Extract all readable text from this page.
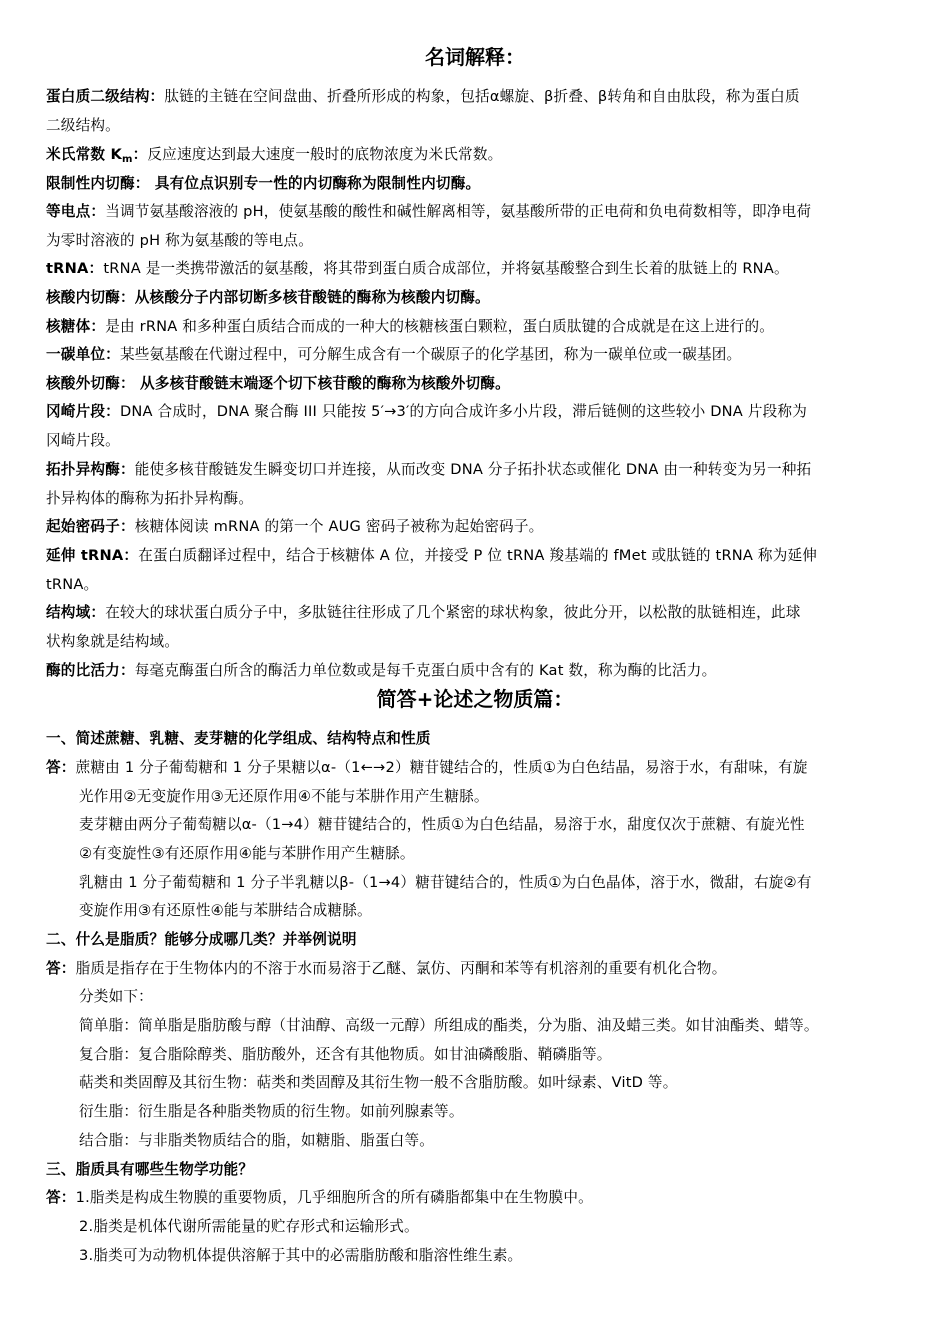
名词解释：

蛋白质二级结构：肽链的主链在空间盘曲、折叠所形成的构象，包括α螺旋、β折叠、β转角和自由肽段，称为蛋白质

二级结构。

米氏常数 $K_m$：反应速度达到最大速度一般时的底物浓度为米氏常数。

限制性内切酶： 具有位点识别专一性的内切酶称为限制性内切酶。

等电点：当调节氨基酸溶液的 pH，使氨基酸的酸性和碱性解离相等，氨基酸所带的正电荷和负电荷数相等，即净电荷

为零时溶液的 pH 称为氨基酸的等电点。

tRNA：tRNA 是一类携带激活的氨基酸，将其带到蛋白质合成部位，并将氨基酸整合到生长着的肽链上的 RNA。

核酸内切酶：从核酸分子内部切断多核苷酸链的酶称为核酸内切酶。

核糖体：是由 rRNA 和多种蛋白质结合而成的一种大的核糖核蛋白颗粒，蛋白质肽键的合成就是在这上进行的。

一碳单位：某些氨基酸在代谢过程中，可分解生成含有一个碳原子的化学基团，称为一碳单位或一碳基团。

核酸外切酶： 从多核苷酸链末端逐个切下核苷酸的酶称为核酸外切酶。

冈崎片段：DNA 合成时，DNA 聚合酶 III 只能按 5′→3′的方向合成许多小片段，滞后链侧的这些较小 DNA 片段称为

冈崎片段。

拓扑异构酶：能使多核苷酸链发生瞬变切口并连接，从而改变 DNA 分子拓扑状态或催化 DNA 由一种转变为另一种拓

扑异构体的酶称为拓扑异构酶。

起始密码子：核糖体阅读 mRNA 的第一个 AUG 密码子被称为起始密码子。

延伸 tRNA：在蛋白质翻译过程中，结合于核糖体 A 位，并接受 P 位 tRNA 羧基端的 fMet 或肽链的 tRNA 称为延伸

tRNA。

结构域：在较大的球状蛋白质分子中，多肽链往往形成了几个紧密的球状构象，彼此分开，以松散的肽链相连，此球

状构象就是结构域。

酶的比活力：每毫克酶蛋白所含的酶活力单位数或是每千克蛋白质中含有的 Kat 数，称为酶的比活力。

简答+论述之物质篇：

一、简述蔗糖、乳糖、麦芽糖的化学组成、结构特点和性质

答：蔗糖由 1 分子葡萄糖和 1 分子果糖以α-（1←→2）糖苷键结合的，性质①为白色结晶，易溶于水，有甜味，有旋

光作用②无变旋作用③无还原作用④不能与苯肼作用产生糖脎。

麦芽糖由两分子葡萄糖以α-（1→4）糖苷键结合的，性质①为白色结晶，易溶于水，甜度仅次于蔗糖、有旋光性

②有变旋性③有还原作用④能与苯肼作用产生糖脎。

乳糖由 1 分子葡萄糖和 1 分子半乳糖以β-（1→4）糖苷键结合的，性质①为白色晶体，溶于水，微甜，右旋②有

变旋作用③有还原性④能与苯肼结合成糖脎。

二、什么是脂质？能够分成哪几类？并举例说明

答：脂质是指存在于生物体内的不溶于水而易溶于乙醚、氯仿、丙酮和苯等有机溶剂的重要有机化合物。

分类如下：

简单脂：简单脂是脂肪酸与醇（甘油醇、高级一元醇）所组成的酯类，分为脂、油及蜡三类。如甘油酯类、蜡等。

复合脂：复合脂除醇类、脂肪酸外，还含有其他物质。如甘油磷酸脂、鞘磷脂等。

萜类和类固醇及其衍生物：萜类和类固醇及其衍生物一般不含脂肪酸。如叶绿素、VitD 等。

衍生脂：衍生脂是各种脂类物质的衍生物。如前列腺素等。

结合脂：与非脂类物质结合的脂，如糖脂、脂蛋白等。

三、脂质具有哪些生物学功能？

答：1.脂类是构成生物膜的重要物质，几乎细胞所含的所有磷脂都集中在生物膜中。

2.脂类是机体代谢所需能量的贮存形式和运输形式。

3.脂类可为动物机体提供溶解于其中的必需脂肪酸和脂溶性维生素。
